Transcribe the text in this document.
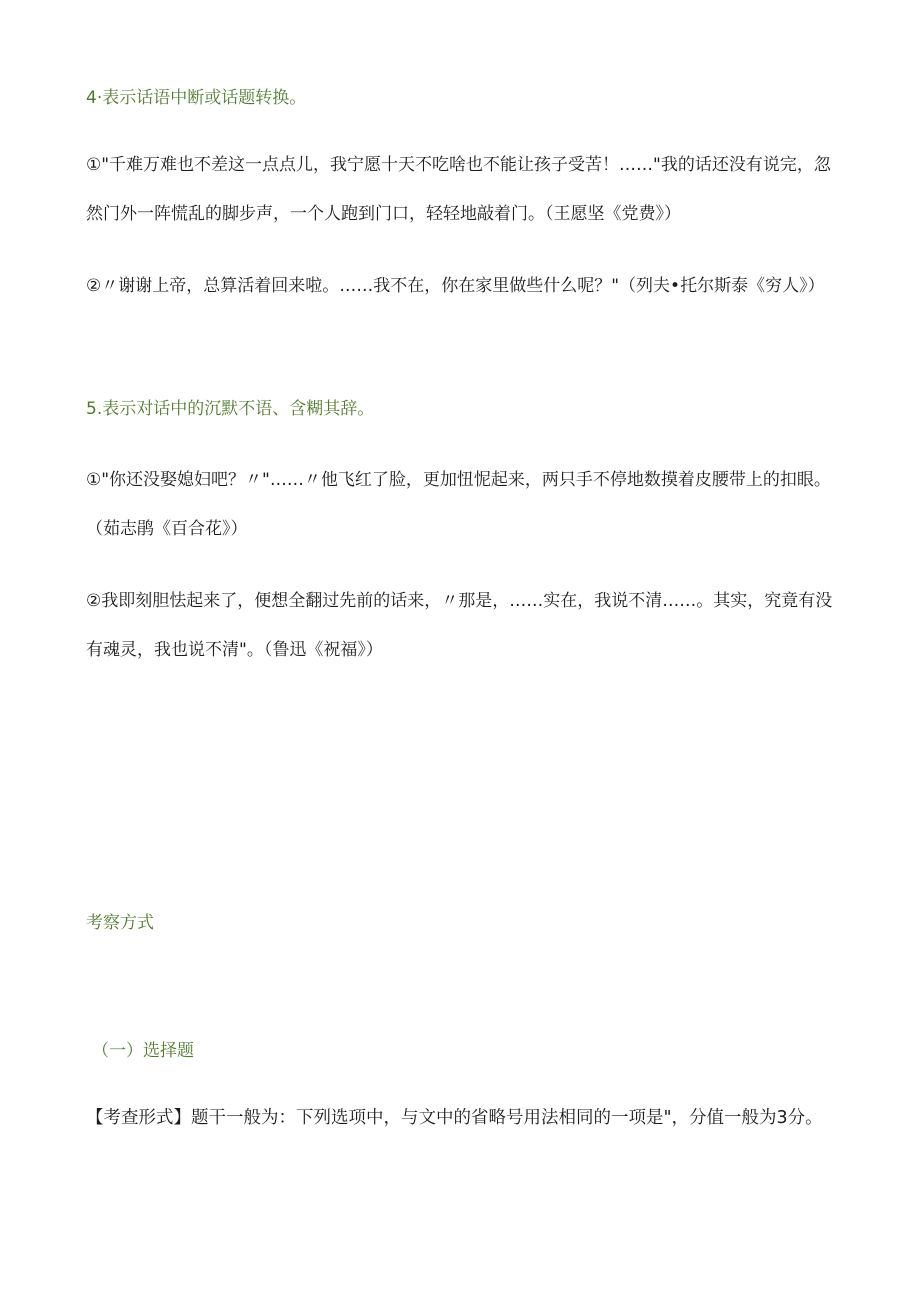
4·表示话语中断或话题转换。
①"千难万难也不差这一点点儿，我宁愿十天不吃啥也不能让孩子受苦！……"我的话还没有说完，忽然门外一阵慌乱的脚步声，一个人跑到门口，轻轻地敲着门。（王愿坚《党费》）
②〃谢谢上帝，总算活着回来啦。……我不在，你在家里做些什么呢？"（列夫•托尔斯泰《穷人》）
5.表示对话中的沉默不语、含糊其辞。
①"你还没娶媳妇吧？〃"……〃他飞红了脸，更加忸怩起来，两只手不停地数摸着皮腰带上的扣眼。（茹志鹃《百合花》）
②我即刻胆怯起来了，便想全翻过先前的话来，〃那是，……实在，我说不清……。其实，究竟有没有魂灵，我也说不清"。（鲁迅《祝福》）
考察方式
（一）选择题
【考查形式】题干一般为：下列选项中，与文中的省略号用法相同的一项是"，分值一般为3分。
